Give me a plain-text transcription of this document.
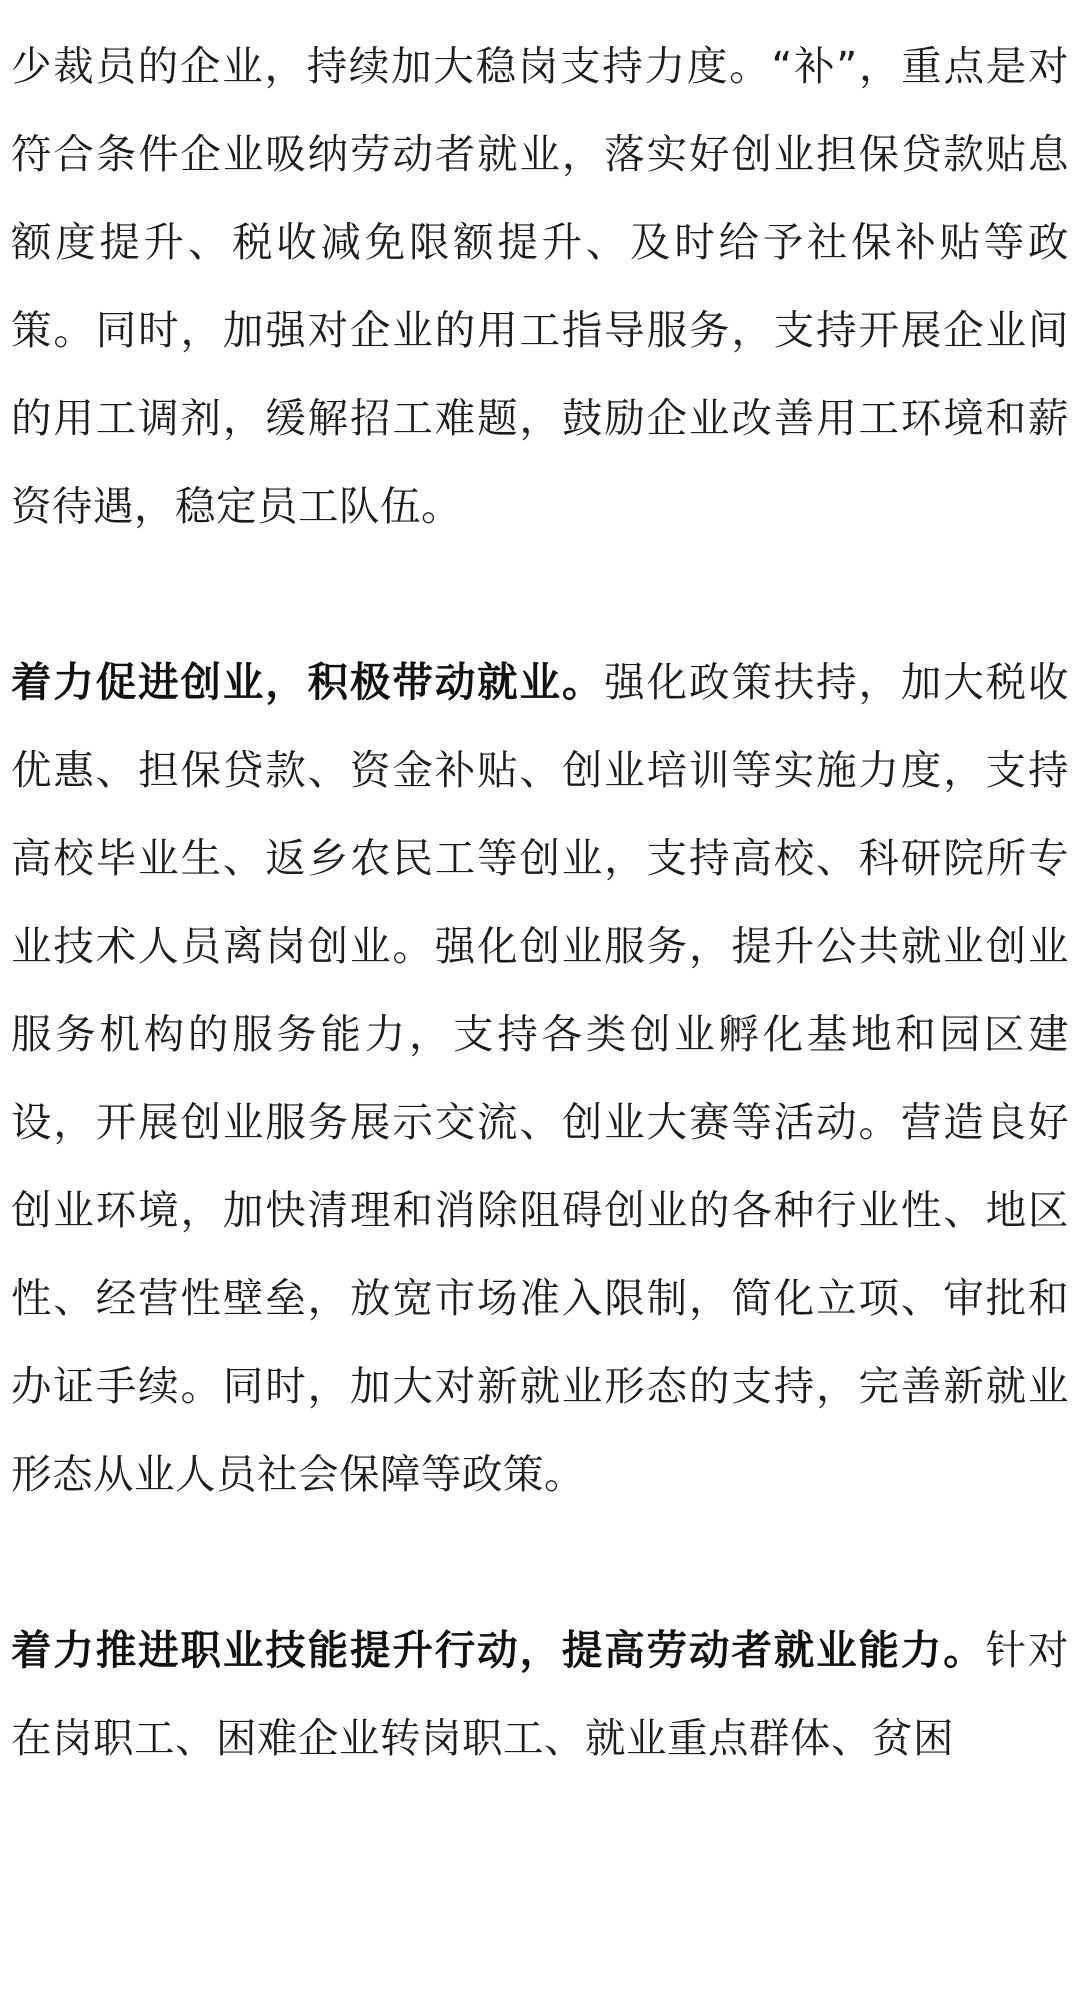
少裁员的企业，持续加大稳岗支持力度。“补”，重点是对符合条件企业吸纳劳动者就业，落实好创业担保贷款贴息额度提升、税收减免限额提升、及时给予社保补贴等政策。同时，加强对企业的用工指导服务，支持开展企业间的用工调剂，缓解招工难题，鼓励企业改善用工环境和薪资待遇，稳定员工队伍。

着力促进创业，积极带动就业。强化政策扶持，加大税收优惠、担保贷款、资金补贴、创业培训等实施力度，支持高校毕业生、返乡农民工等创业，支持高校、科研院所专业技术人员离岗创业。强化创业服务，提升公共就业创业服务机构的服务能力，支持各类创业孵化基地和园区建设，开展创业服务展示交流、创业大赛等活动。营造良好创业环境，加快清理和消除阻碍创业的各种行业性、地区性、经营性壁垒，放宽市场准入限制，简化立项、审批和办证手续。同时，加大对新就业形态的支持，完善新就业形态从业人员社会保障等政策。

着力推进职业技能提升行动，提高劳动者就业能力。针对在岗职工、困难企业转岗职工、就业重点群体、贫困
